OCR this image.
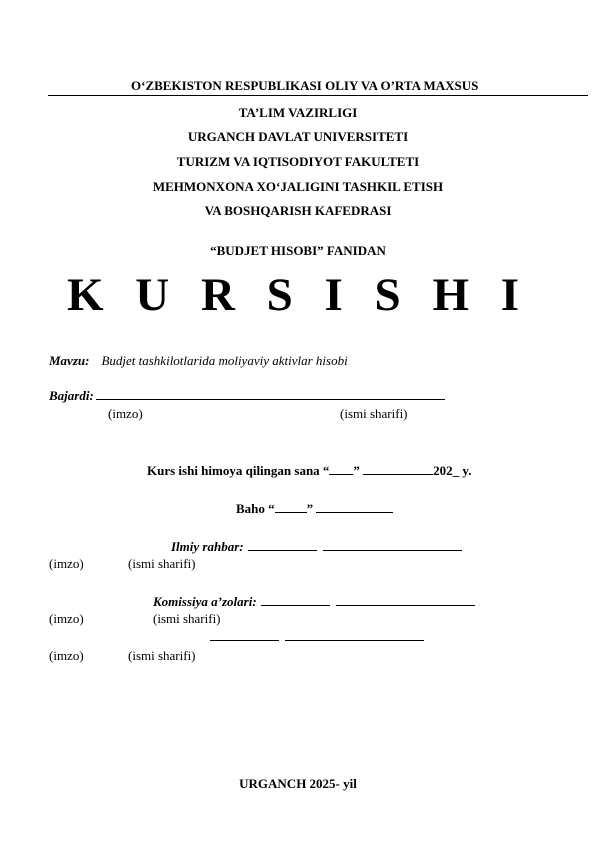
O‘ZBEKISTON RESPUBLIKASI OLIY VA O’RTA MAXSUS
TA’LIM VAZIRLIGI
URGANCH DAVLAT UNIVERSITETI
TURIZM VA IQTISODIYOT FAKULTETI
MEHMONXONA XO‘JALIGINI TASHKIL ETISH
VA BOSHQARISH KAFEDRASI
“BUDJET HISOBI” FANIDAN
K U R S I S H I
Mavzu: Budjet tashkilotlarida moliyaviy aktivlar hisobi
Bajardi:
(imzo)	(ismi sharifi)
Kurs ishi himoya qilingan sana “ ”	202_ y.
Baho “ ”
Ilmiy rahbar:
(imzo)	(ismi sharifi)
Komissiya a’zolari:
(imzo)	(ismi sharifi)
(imzo)	(ismi sharifi)
URGANCH 2025- yil
